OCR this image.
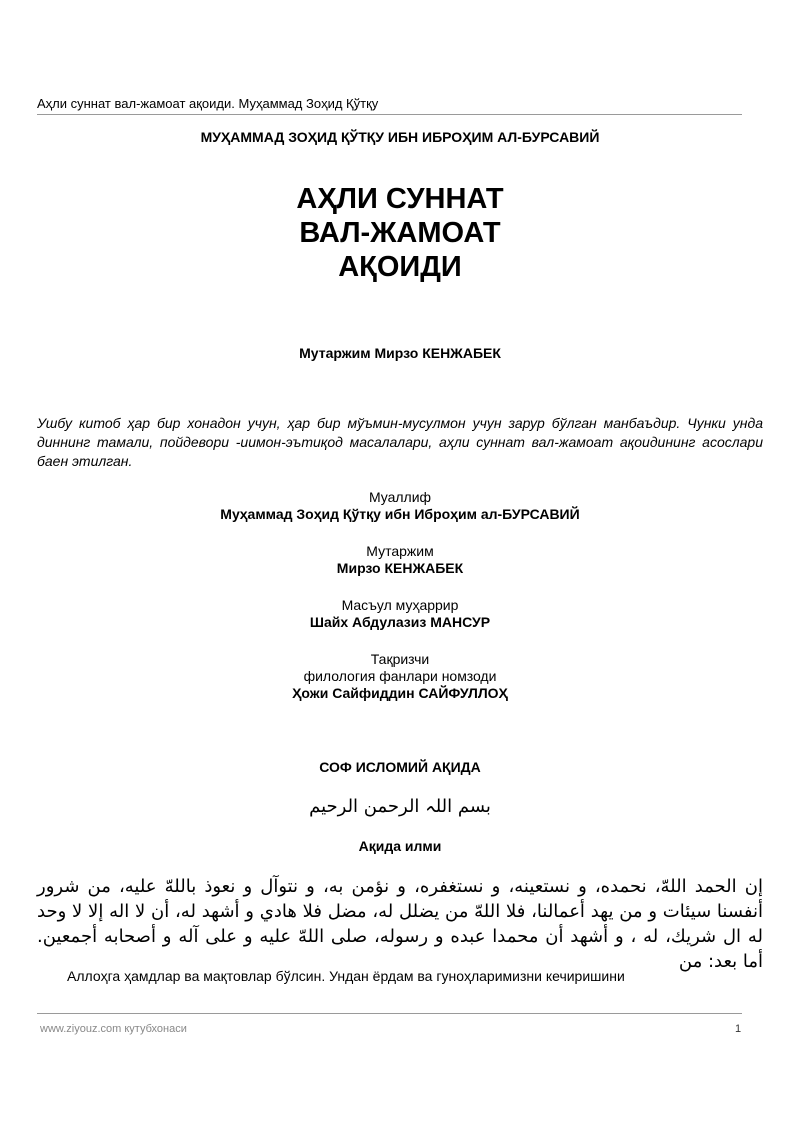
Аҳли суннат вал-жамоат ақоиди. Муҳаммад Зоҳид Қўтқу
МУҲАММАД ЗОҲИД ҚЎТҚУ ИБН ИБРОҲИМ АЛ-БУРСАВИЙ
АҲЛИ СУННАТ
ВАЛ-ЖАМОАТ
АҚОИДИ
Мутаржим Мирзо КЕНЖАБЕК
Ушбу китоб ҳар бир хонадон учун, ҳар бир мўъмин-мусулмон учун зарур бўлган манбаъдир. Чунки унда диннинг тамали, пойдевори -иимон-эътиқод масалалари, аҳли суннат вал-жамоат ақоидининг асослари баен этилган.
Муаллиф
Муҳаммад Зоҳид Қўтқу ибн Иброҳим ал-БУРСАВИЙ
Мутаржим
Мирзо КЕНЖАБЕК
Масъул муҳаррир
Шайх Абдулазиз МАНСУР
Тақризчи
филология фанлари номзоди
Ҳожи Сайфиддин САЙФУЛЛОҲ
СОФ ИСЛОМИЙ АҚИДА
بسم اللہ الرحمن الرحیم
Ақида илми
إن الحمد اللهّ، نحمده، و نستعينه، و نستغفره، و نؤمن به، و نتوآل و نعوذ باللهّ عليه، من شرور أنفسنا سيئات و من يهد أعمالنا، فلا اللهّ من يضلل له، مضل فلا هادي و أشهد له، أن لا اله إلا لا وحد له ال شريك، له ، و أشهد أن محمدا عبده و رسوله، صلى اللهّ عليه و على آله و أصحابه أجمعين. أما بعد: من
Аллоҳга ҳамдлар ва мақтовлар бўлсин. Ундан ёрдам ва гуноҳларимизни кечиришини
www.ziyouz.com кутубхонаси	1
